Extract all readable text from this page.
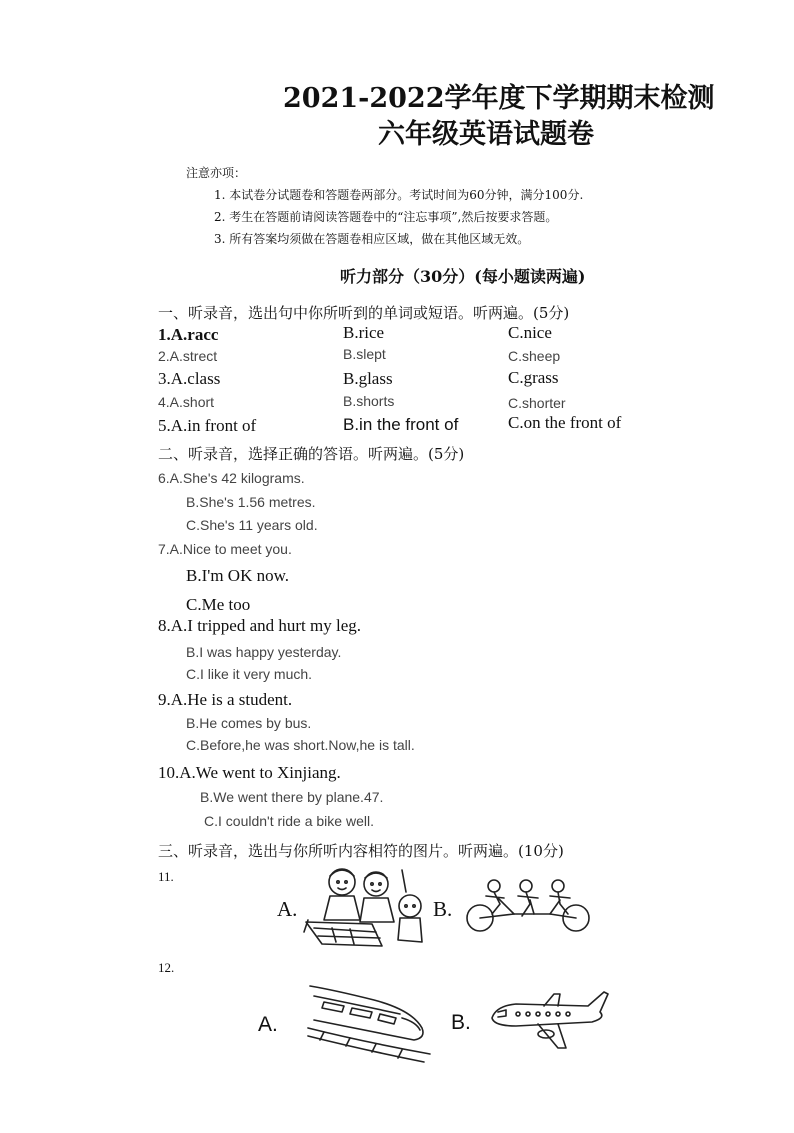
2021-2022学年度下学期期末检测
六年级英语试题卷
注意亦项：
1. 本试卷分试题卷和答题卷两部分。考试时间为60分钟，满分100分.
2. 考生在答题前请阅读答题卷中的“注忘事项”,然后按要求答题。
3. 所有答案均须做在答题卷相应区域，做在其他区域无效。
听力部分（30分）(每小题读两遍)
一、听录音，选出句中你所听到的单词或短语。听两遍。(5分)
1.A.racc	B.rice	C.nice
2.A.strect	B.slept	C.sheep
3.A.class	B.glass	C.grass
4.A.short	B.shorts	C.shorter
5.A.in front of	B.in the front of	C.on the front of
二、听录音，选择正确的答语。听两遍。(5分)
6.A.She's 42 kilograms.
B.She's 1.56 metres.
C.She's 11 years old.
7.A.Nice to meet you.
B.I'm OK now.
C.Me too
8.A.I tripped and hurt my leg.
B.I was happy yesterday.
C.I like it very much.
9.A.He is a student.
B.He comes by bus.
C.Before,he was short.Now,he is tall.
10.A.We went to Xinjiang.
B.We went there by plane.47.
C.I couldn't ride a bike well.
三、听录音，选出与你所听内容相符的图片。听两遍。(10分)
11.
A.	B.
12.
A.	B.
